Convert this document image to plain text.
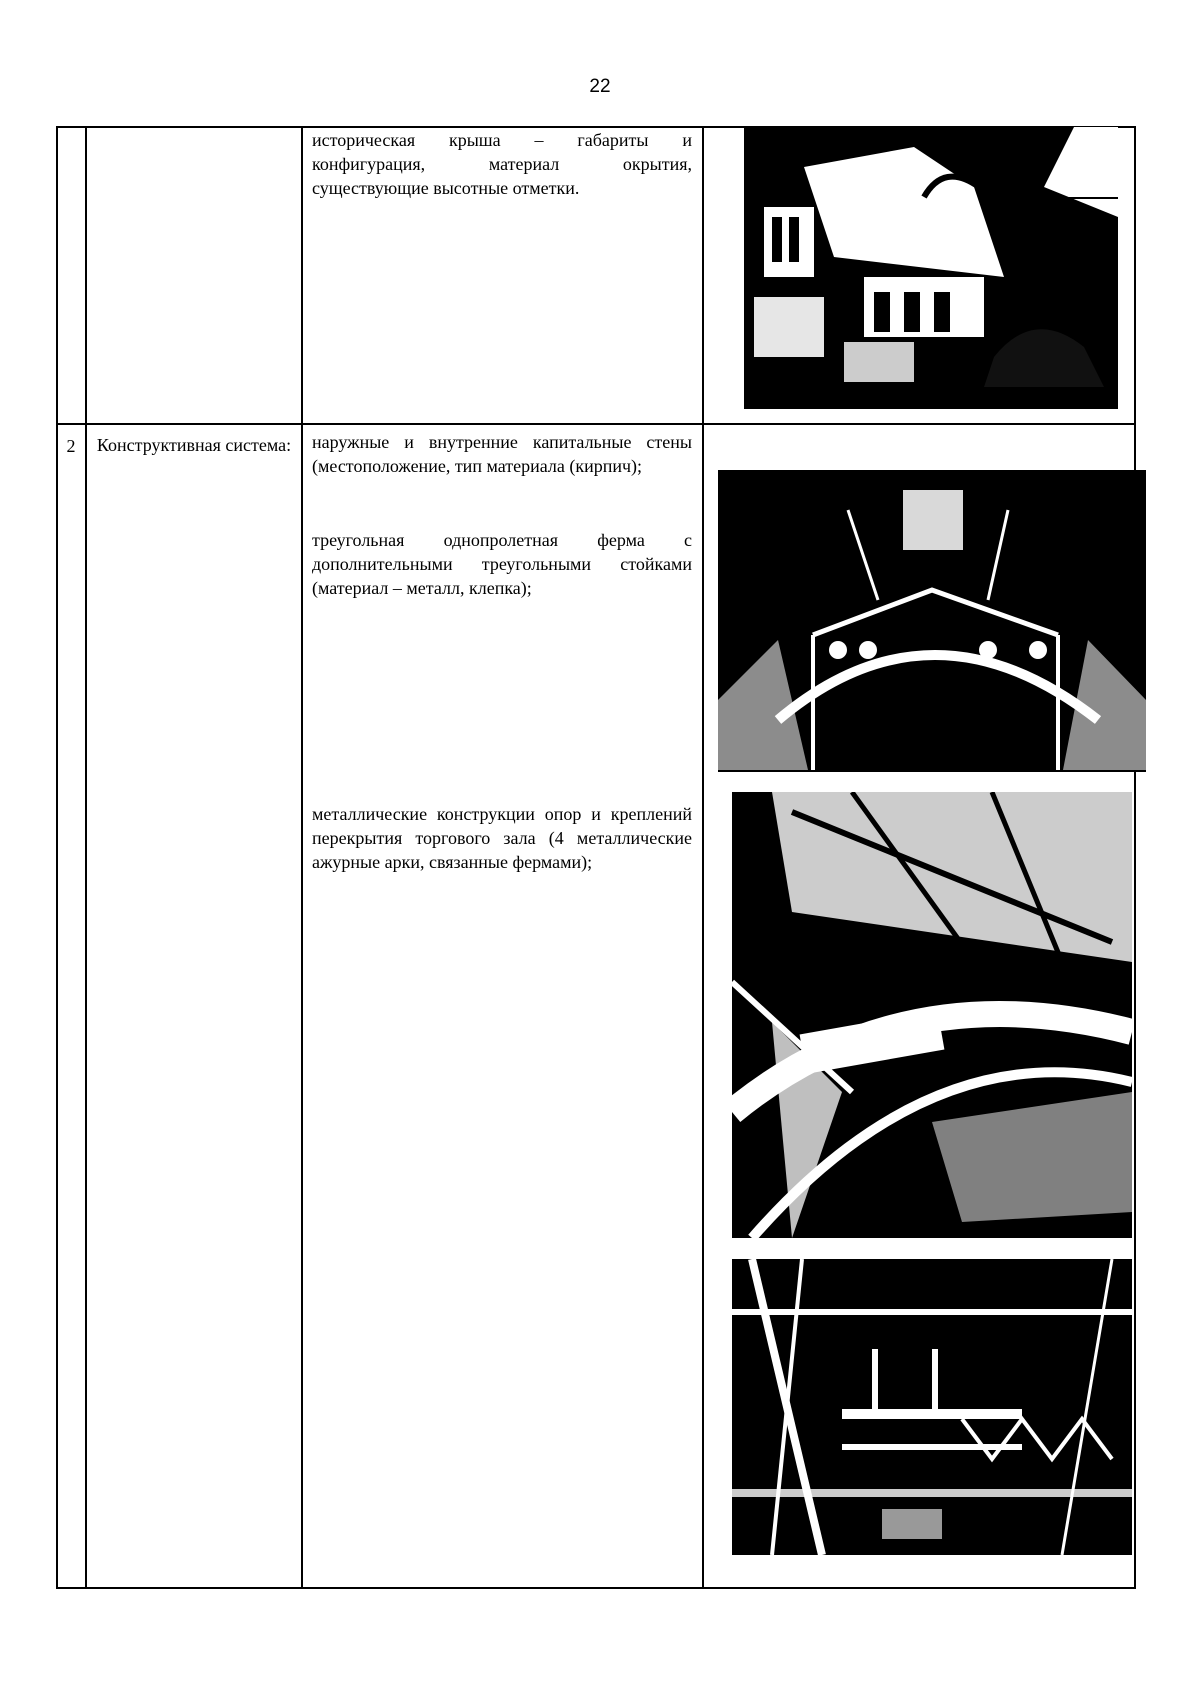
22
историческая крыша – габариты и конфигурация, материал окрытия, существующие высотные отметки.
2	Конструктивная система:	наружные и внутренние капитальные стены (местоположение, тип материала (кирпич);
треугольная однопролетная ферма с дополнительными треугольными стойками (материал – металл, клепка);
металлические конструкции опор и креплений перекрытия торгового зала (4 металлические ажурные арки, связанные фермами);
